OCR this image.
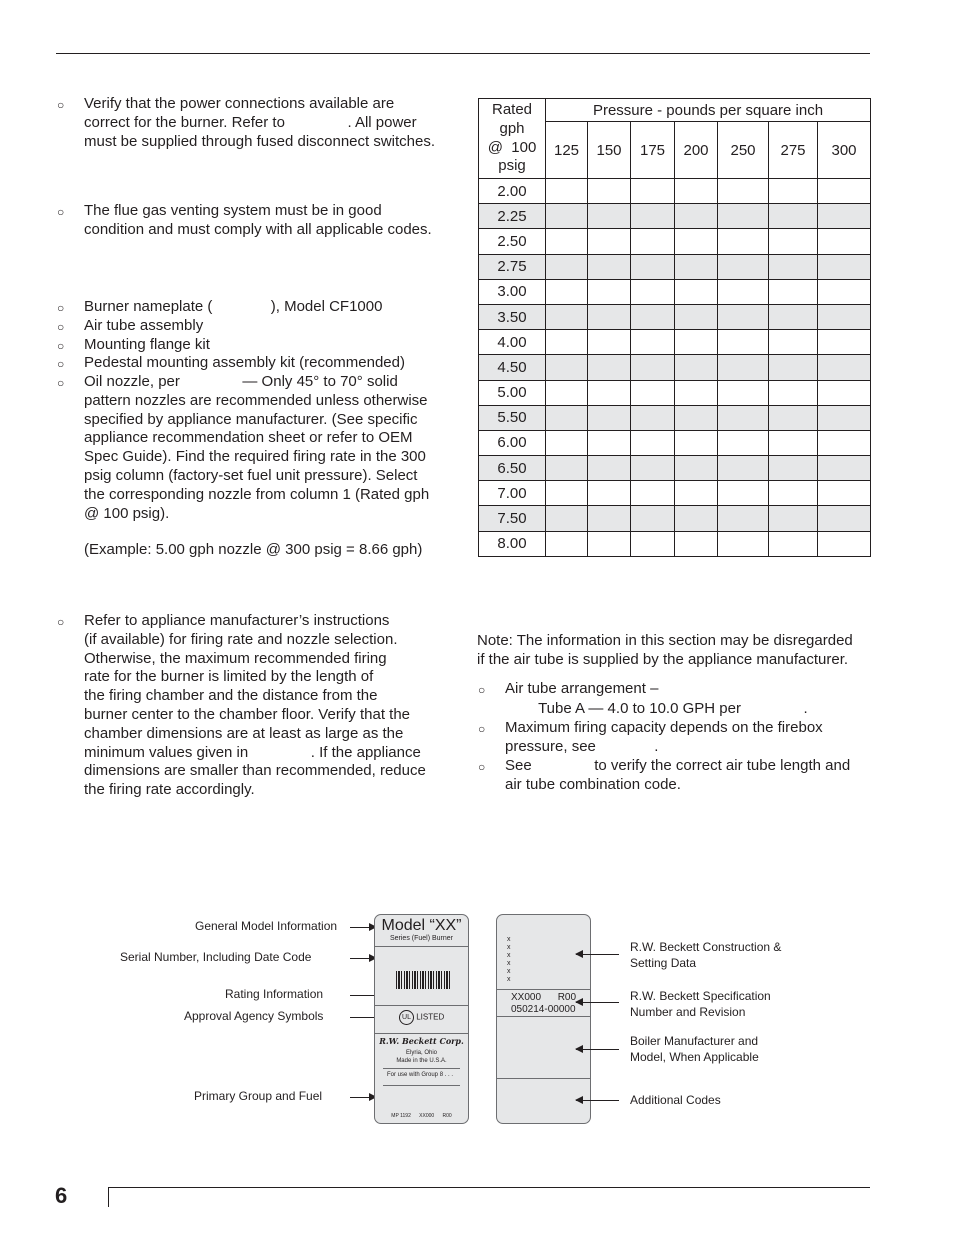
○ Verify that the power connections available are
correct for the burner. Refer to               . All power
must be supplied through fused disconnect switches.
○ The flue gas venting system must be in good
condition and must comply with all applicable codes.
○ Burner nameplate (              ), Model CF1000
○ Air tube assembly
○ Mounting flange kit
○ Pedestal mounting assembly kit (recommended)
○ Oil nozzle, per               — Only 45° to 70° solid
pattern nozzles are recommended unless otherwise
specified by appliance manufacturer. (See specific
appliance recommendation sheet or refer to OEM
Spec Guide). Find the required firing rate in the 300
psig column (factory-set fuel unit pressure). Select
the corresponding nozzle from column 1 (Rated gph
@ 100 psig).
(Example: 5.00 gph nozzle @ 300 psig = 8.66 gph)
○ Refer to appliance manufacturer’s instructions
(if available) for firing rate and nozzle selection.
Otherwise, the maximum recommended firing
rate for the burner is limited by the length of
the firing chamber and the distance from the
burner center to the chamber floor. Verify that the
chamber dimensions are at least as large as the
minimum values given in               . If the appliance
dimensions are smaller than recommended, reduce
the firing rate accordingly.
Rated
gph
@  100
psig	Pressure - pounds per square inch						
	125	150	175	200	250	275	300
2.00							
2.25							
2.50							
2.75							
3.00							
3.50							
4.00							
4.50							
5.00							
5.50							
6.00							
6.50							
7.00							
7.50							
8.00							
Note: The information in this section may be disregarded
if the air tube is supplied by the appliance manufacturer.
○ Air tube arrangement –
Tube A — 4.0 to 10.0 GPH per               .
○ Maximum firing capacity depends on the firebox
pressure, see              .
○ See               to verify the correct air tube length and
air tube combination code.
General Model Information
Serial Number, Including Date Code
Rating Information
Approval Agency Symbols
Primary Group and Fuel
Model “XX”
Series (Fuel) Burner
UL LISTED
R.W. Beckett Corp.
Elyria, Ohio
Made in the U.S.A.
For use with Group 8 . . .
MP 1192      XX000      R00
x
x
x
x
x
x
XX000      R00
050214-00000
R.W. Beckett Construction &
Setting Data
R.W. Beckett Specification
Number and Revision
Boiler Manufacturer and
Model, When Applicable
Additional Codes
6
